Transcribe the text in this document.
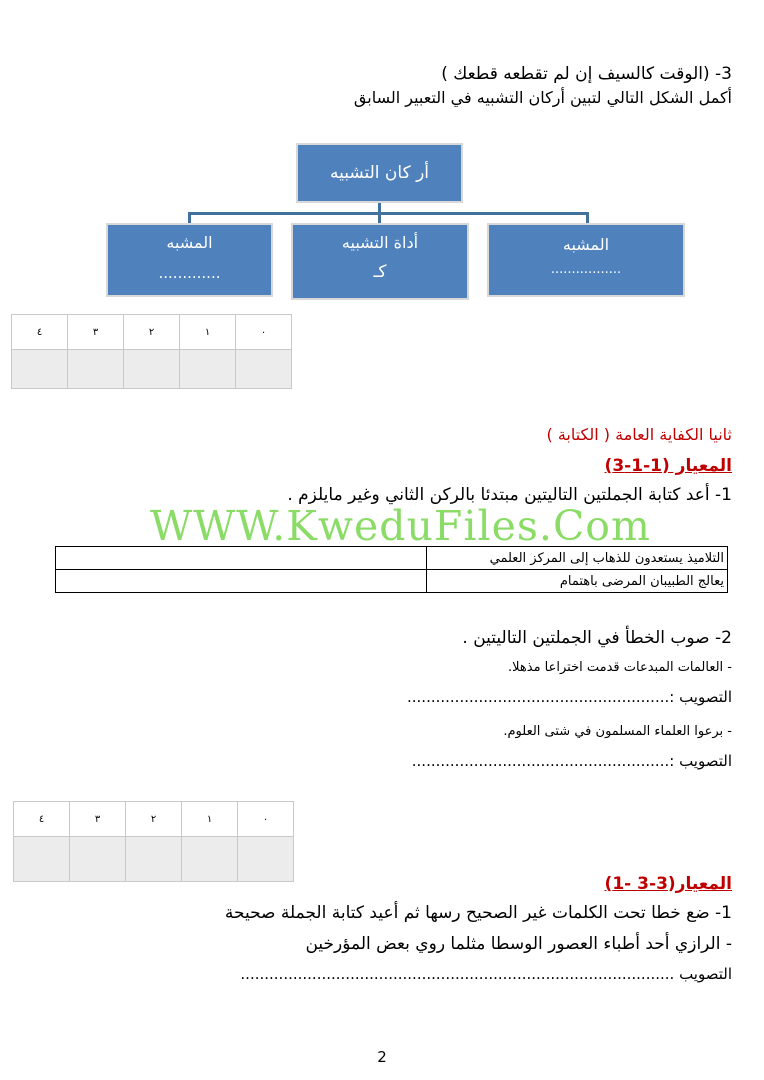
3- (الوقت كالسيف إن لم تقطعه قطعك )
أكمل الشكل التالي لتبين أركان التشبيه في التعبير السابق
أر كان التشبيه
المشبه
.............
أداة التشبيه
كـ
المشبه
.................
٤	٣	٢	١	٠

ثانيا الكفاية العامة ( الكتابة )
المعيار (1-1-3)
1- أعد كتابة الجملتين التاليتين مبتدئا بالركن الثاني وغير مايلزم .
WWW.KweduFiles.Com
التلاميذ يستعدون للذهاب إلى المركز العلمي	
يعالج الطبيبان المرضى باهتمام	
2- صوب الخطأ في الجملتين التاليتين .
- العالمات المبدعات قدمت اختراعا مذهلا.
التصويب :.......................................................
- برعوا العلماء المسلمون في شتى العلوم.
التصويب :......................................................
٤	٣	٢	١	٠

المعيار(3-3 -1)
1- ضع خطا تحت الكلمات غير الصحيح رسها ثم أعيد كتابة الجملة صحيحة
- الرازي أحد أطباء العصور الوسطا مثلما روي بعض المؤرخين
التصويب ...........................................................................................
2
